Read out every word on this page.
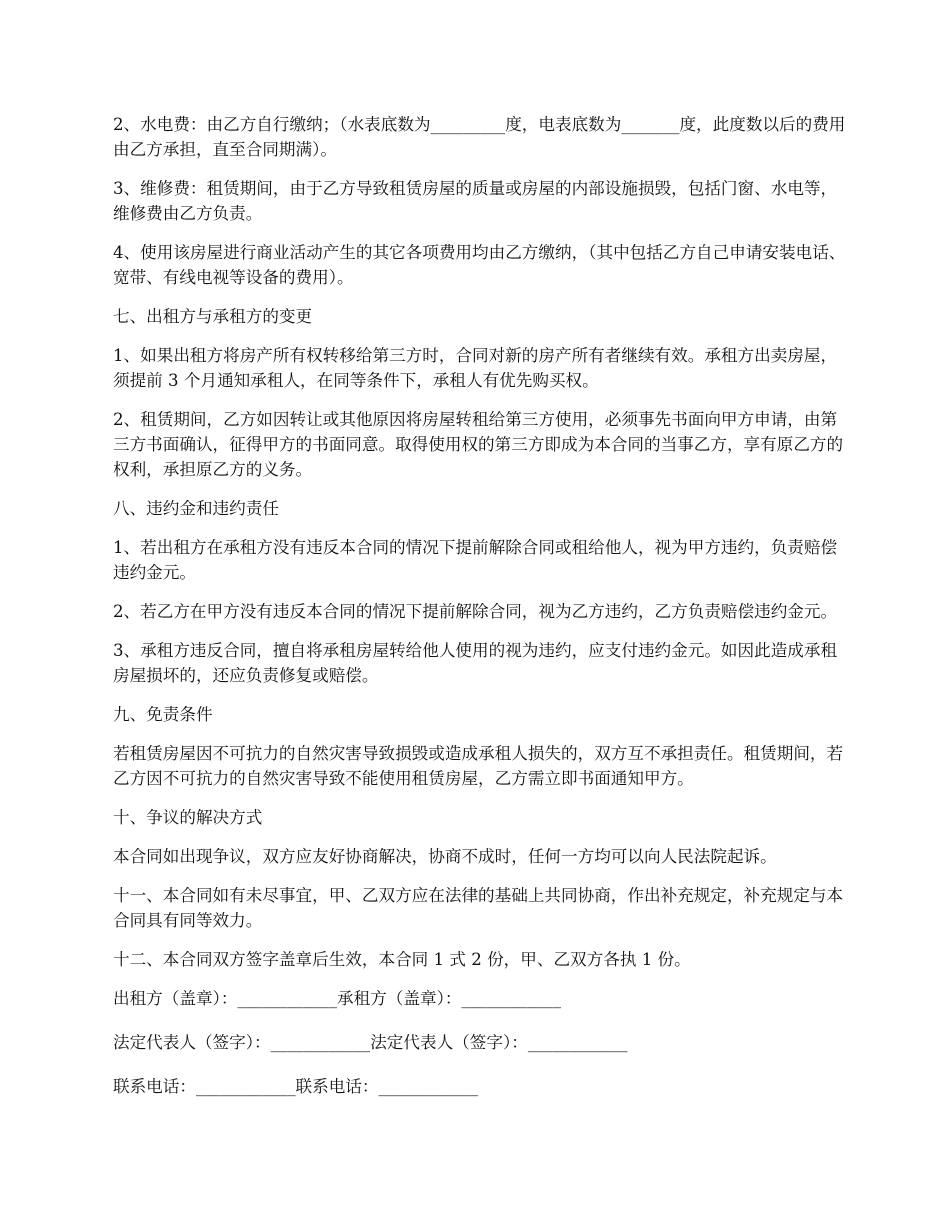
2、水电费：由乙方自行缴纳；（水表底数为_________度，电表底数为_______度，此度数以后的费用由乙方承担，直至合同期满）。

3、维修费：租赁期间，由于乙方导致租赁房屋的质量或房屋的内部设施损毁，包括门窗、水电等，维修费由乙方负责。

4、使用该房屋进行商业活动产生的其它各项费用均由乙方缴纳，（其中包括乙方自己申请安装电话、宽带、有线电视等设备的费用）。

七、出租方与承租方的变更

1、如果出租方将房产所有权转移给第三方时，合同对新的房产所有者继续有效。承租方出卖房屋，须提前 3 个月通知承租人，在同等条件下，承租人有优先购买权。

2、租赁期间，乙方如因转让或其他原因将房屋转租给第三方使用，必须事先书面向甲方申请，由第三方书面确认，征得甲方的书面同意。取得使用权的第三方即成为本合同的当事乙方，享有原乙方的权利，承担原乙方的义务。

八、违约金和违约责任

1、若出租方在承租方没有违反本合同的情况下提前解除合同或租给他人，视为甲方违约，负责赔偿违约金元。

2、若乙方在甲方没有违反本合同的情况下提前解除合同，视为乙方违约，乙方负责赔偿违约金元。

3、承租方违反合同，擅自将承租房屋转给他人使用的视为违约，应支付违约金元。如因此造成承租房屋损坏的，还应负责修复或赔偿。

九、免责条件

若租赁房屋因不可抗力的自然灾害导致损毁或造成承租人损失的，双方互不承担责任。租赁期间，若乙方因不可抗力的自然灾害导致不能使用租赁房屋，乙方需立即书面通知甲方。

十、争议的解决方式

本合同如出现争议，双方应友好协商解决，协商不成时，任何一方均可以向人民法院起诉。

十一、本合同如有未尽事宜，甲、乙双方应在法律的基础上共同协商，作出补充规定，补充规定与本合同具有同等效力。

十二、本合同双方签字盖章后生效，本合同 1 式 2 份，甲、乙双方各执 1 份。

出租方（盖章）：____________承租方（盖章）：____________
法定代表人（签字）：____________法定代表人（签字）：____________
联系电话：____________联系电话：____________
